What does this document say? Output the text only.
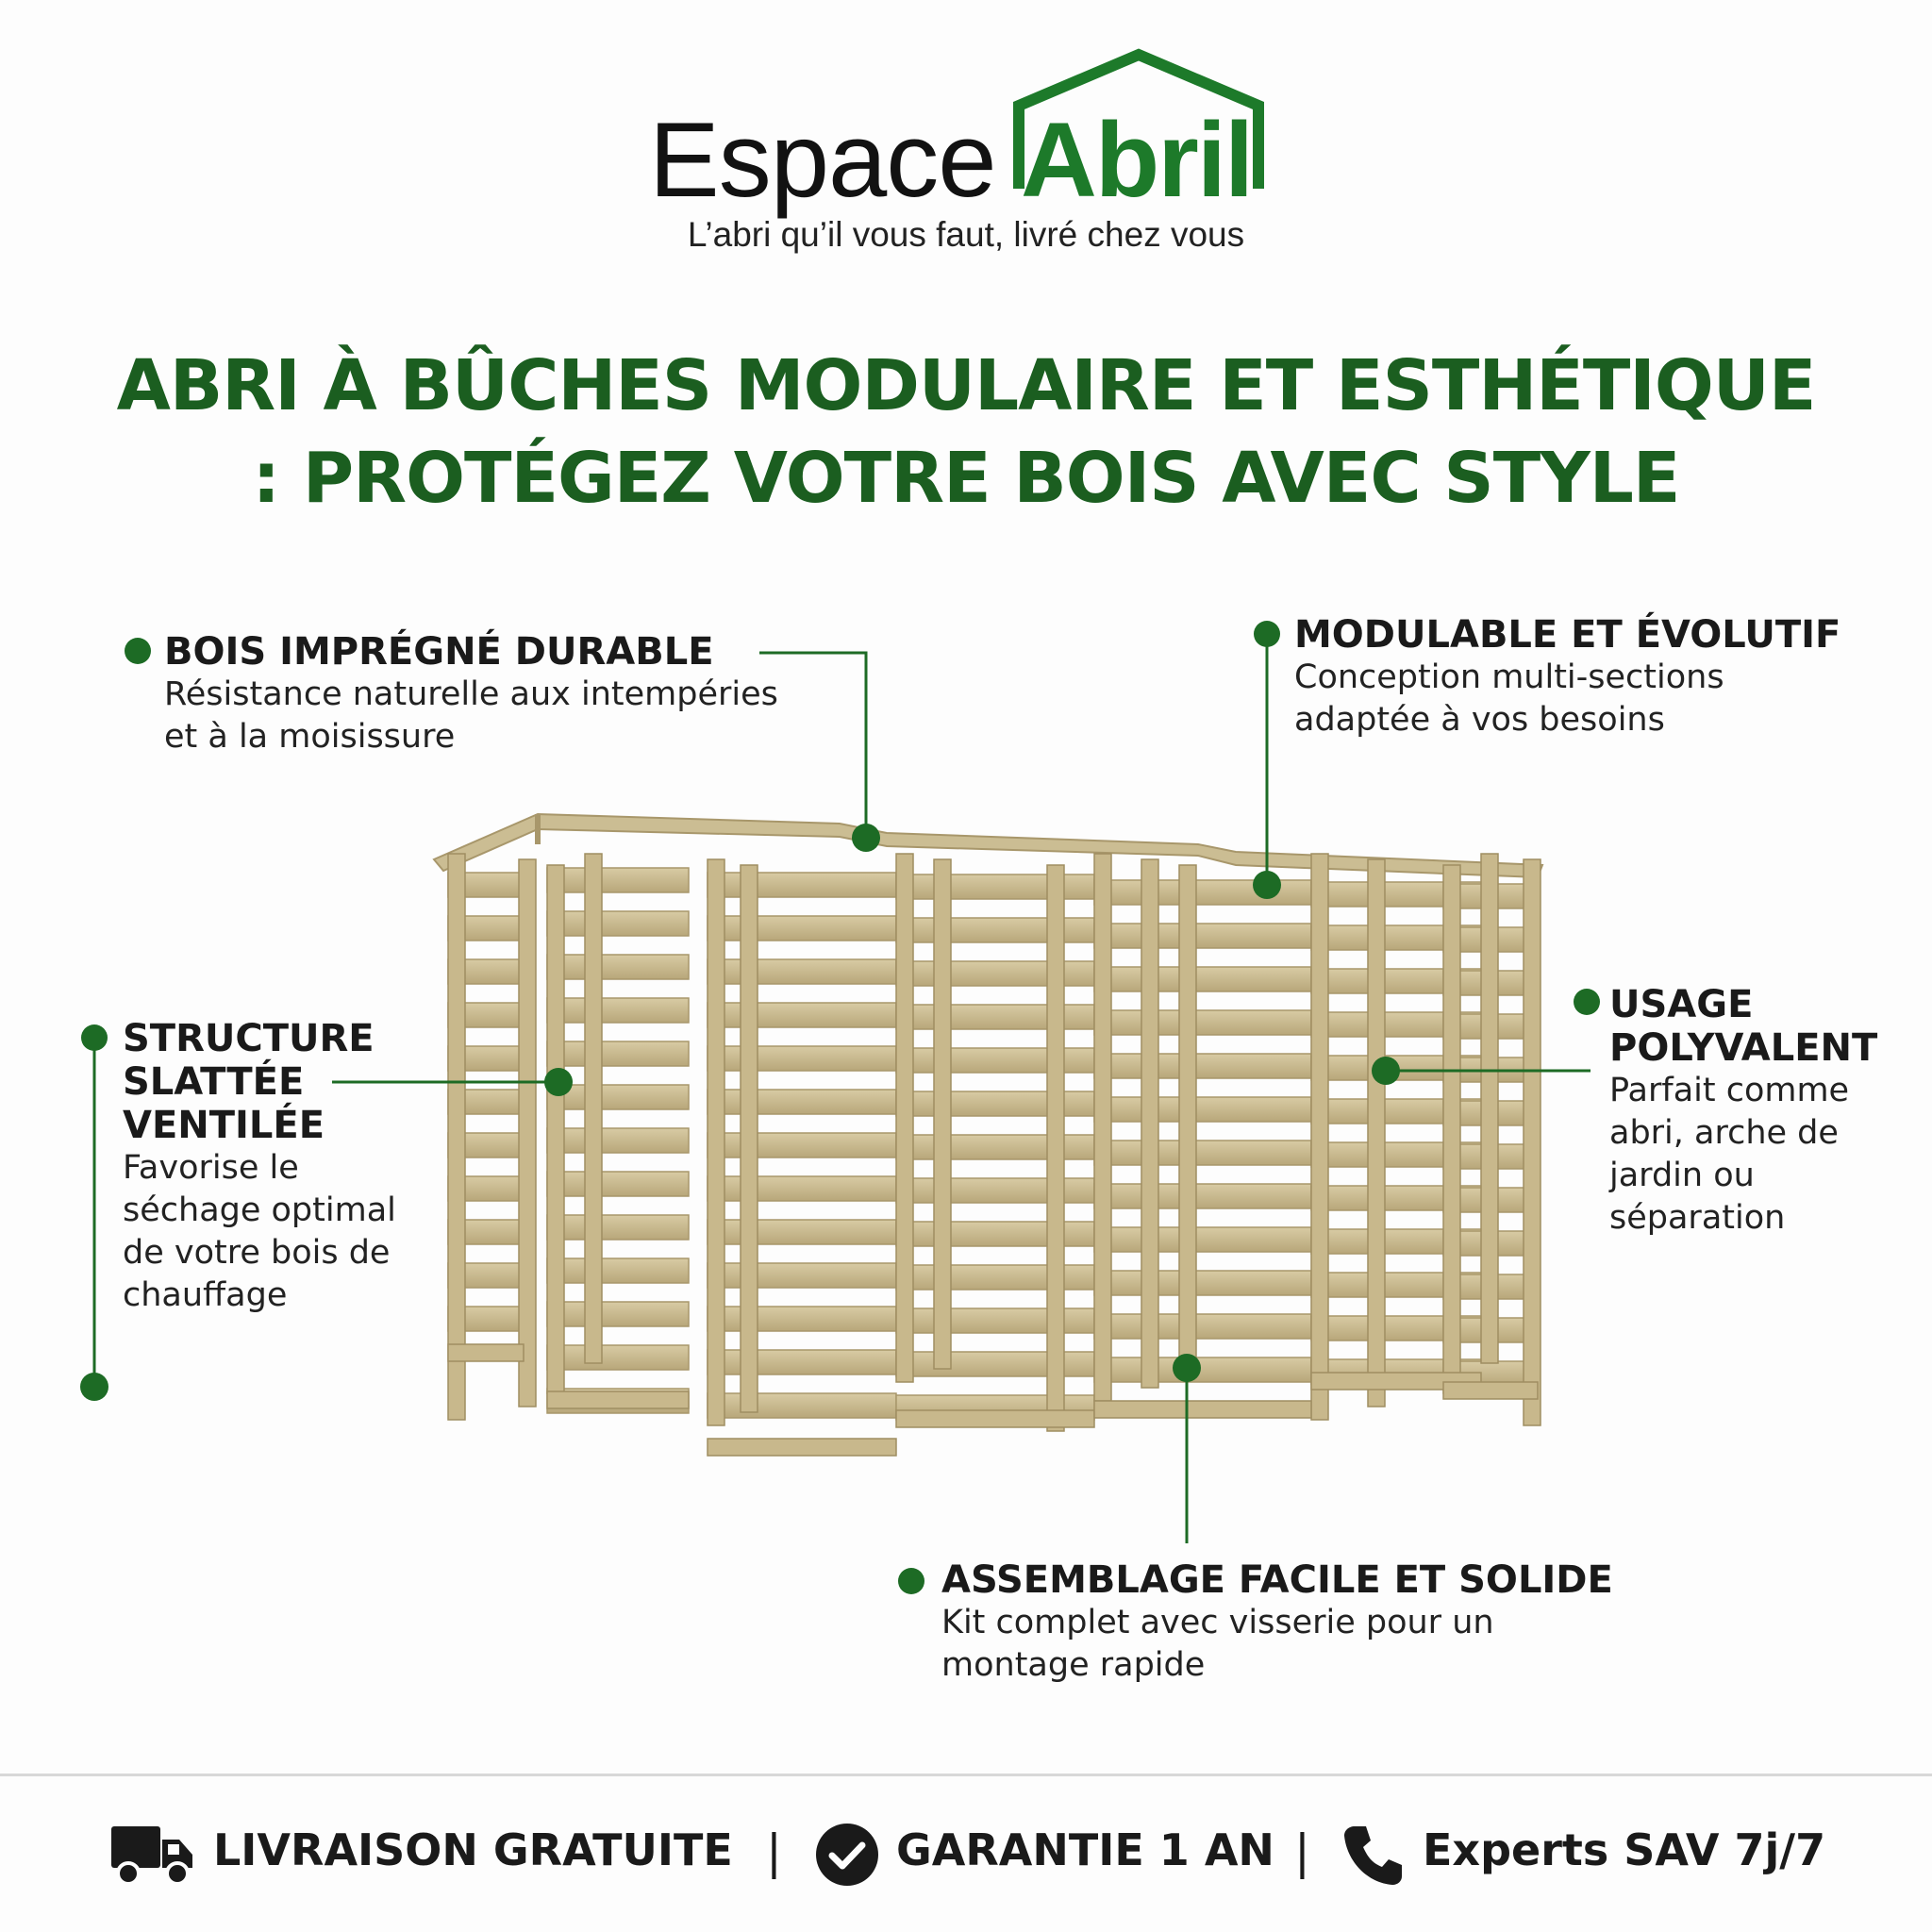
Espace Abril
L’abri qu’il vous faut, livré chez vous
ABRI À BÛCHES MODULAIRE ET ESTHÉTIQUE
: PROTÉGEZ VOTRE BOIS AVEC STYLE
BOIS IMPRÉGNÉ DURABLE
Résistance naturelle aux intempéries
et à la moisissure
MODULABLE ET ÉVOLUTIF
Conception multi-sections
adaptée à vos besoins
STRUCTURE
SLATTÉE
VENTILÉE
Favorise le
séchage optimal
de votre bois de
chauffage
USAGE
POLYVALENT
Parfait comme
abri, arche de
jardin ou
séparation
ASSEMBLAGE FACILE ET SOLIDE
Kit complet avec visserie pour un
montage rapide
LIVRAISON GRATUITE |	GARANTIE 1 AN |	Experts SAV 7j/7
